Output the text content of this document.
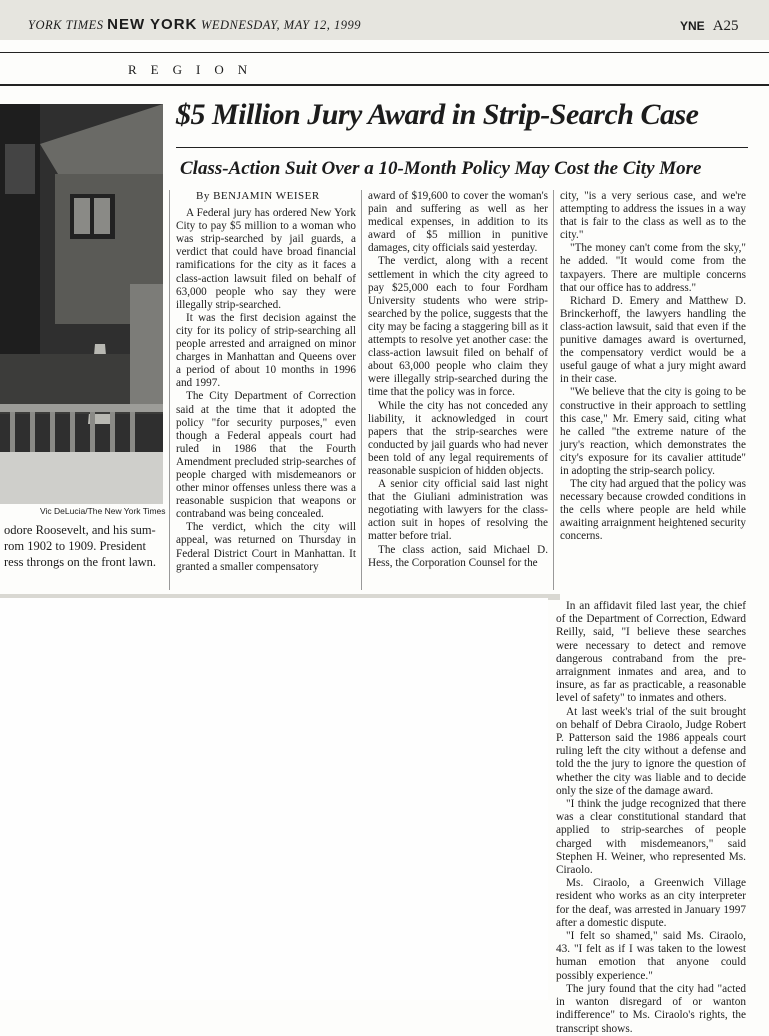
YORK TIMES NEW YORK WEDNESDAY, MAY 12, 1999	YNE A25
REGION
$5 Million Jury Award in Strip-Search Case
Class-Action Suit Over a 10-Month Policy May Cost the City More
Vic DeLucia/The New York Times
odore Roosevelt, and his sum-
rom 1902 to 1909. President
ress throngs on the front lawn.

By BENJAMIN WEISER

A Federal jury has ordered New York City to pay $5 million to a woman who was strip-searched by jail guards, a verdict that could have broad financial ramifications for the city as it faces a class-action lawsuit filed on behalf of 63,000 people who say they were illegally strip-searched.

It was the first decision against the city for its policy of strip-searching all people arrested and arraigned on minor charges in Manhattan and Queens over a period of about 10 months in 1996 and 1997.

The City Department of Correction said at the time that it adopted the policy "for security purposes," even though a Federal appeals court had ruled in 1986 that the Fourth Amendment precluded strip-searches of people charged with misdemeanors or other minor offenses unless there was a reasonable suspicion that weapons or contraband was being concealed.

The verdict, which the city will appeal, was returned on Thursday in Federal District Court in Manhattan. It granted a smaller compensatory

award of $19,600 to cover the woman's pain and suffering as well as her medical expenses, in addition to its award of $5 million in punitive damages, city officials said yesterday.

The verdict, along with a recent settlement in which the city agreed to pay $25,000 each to four Fordham University students who were strip-searched by the police, suggests that the city may be facing a staggering bill as it attempts to resolve yet another case: the class-action lawsuit filed on behalf of about 63,000 people who claim they were illegally strip-searched during the time that the policy was in force.

While the city has not conceded any liability, it acknowledged in court papers that the strip-searches were conducted by jail guards who had never been told of any legal requirements of reasonable suspicion of hidden objects.

A senior city official said last night that the Giuliani administration was negotiating with lawyers for the class-action suit in hopes of resolving the matter before trial.

The class action, said Michael D. Hess, the Corporation Counsel for the

city, "is a very serious case, and we're attempting to address the issues in a way that is fair to the class as well as to the city."

"The money can't come from the sky," he added. "It would come from the taxpayers. There are multiple concerns that our office has to address."

Richard D. Emery and Matthew D. Brinckerhoff, the lawyers handling the class-action lawsuit, said that even if the punitive damages award is overturned, the compensatory verdict would be a useful gauge of what a jury might award in their case.

"We believe that the city is going to be constructive in their approach to settling this case," Mr. Emery said, citing what he called "the extreme nature of the jury's reaction, which demonstrates the city's exposure for its cavalier attitude" in adopting the strip-search policy.

The city had argued that the policy was necessary because crowded conditions in the cells where people are held while awaiting arraignment heightened security concerns.

In an affidavit filed last year, the chief of the Department of Correction, Edward Reilly, said, "I believe these searches were necessary to detect and remove dangerous contraband from the pre-arraignment inmates and area, and to insure, as far as practicable, a reasonable level of safety" to inmates and others.

At last week's trial of the suit brought on behalf of Debra Ciraolo, Judge Robert P. Patterson said the 1986 appeals court ruling left the city without a defense and told the the jury to ignore the question of whether the city was liable and to decide only the size of the damage award.

"I think the judge recognized that there was a clear constitutional standard that applied to strip-searches of people charged with misdemeanors," said Stephen H. Weiner, who represented Ms. Ciraolo.

Ms. Ciraolo, a Greenwich Village resident who works as an city interpreter for the deaf, was arrested in January 1997 after a domestic dispute.

"I felt so shamed," said Ms. Ciraolo, 43. "I felt as if I was taken to the lowest human emotion that anyone could possibly experience."

The jury found that the city had "acted in wanton disregard of or wanton indifference" to Ms. Ciraolo's rights, the transcript shows.
